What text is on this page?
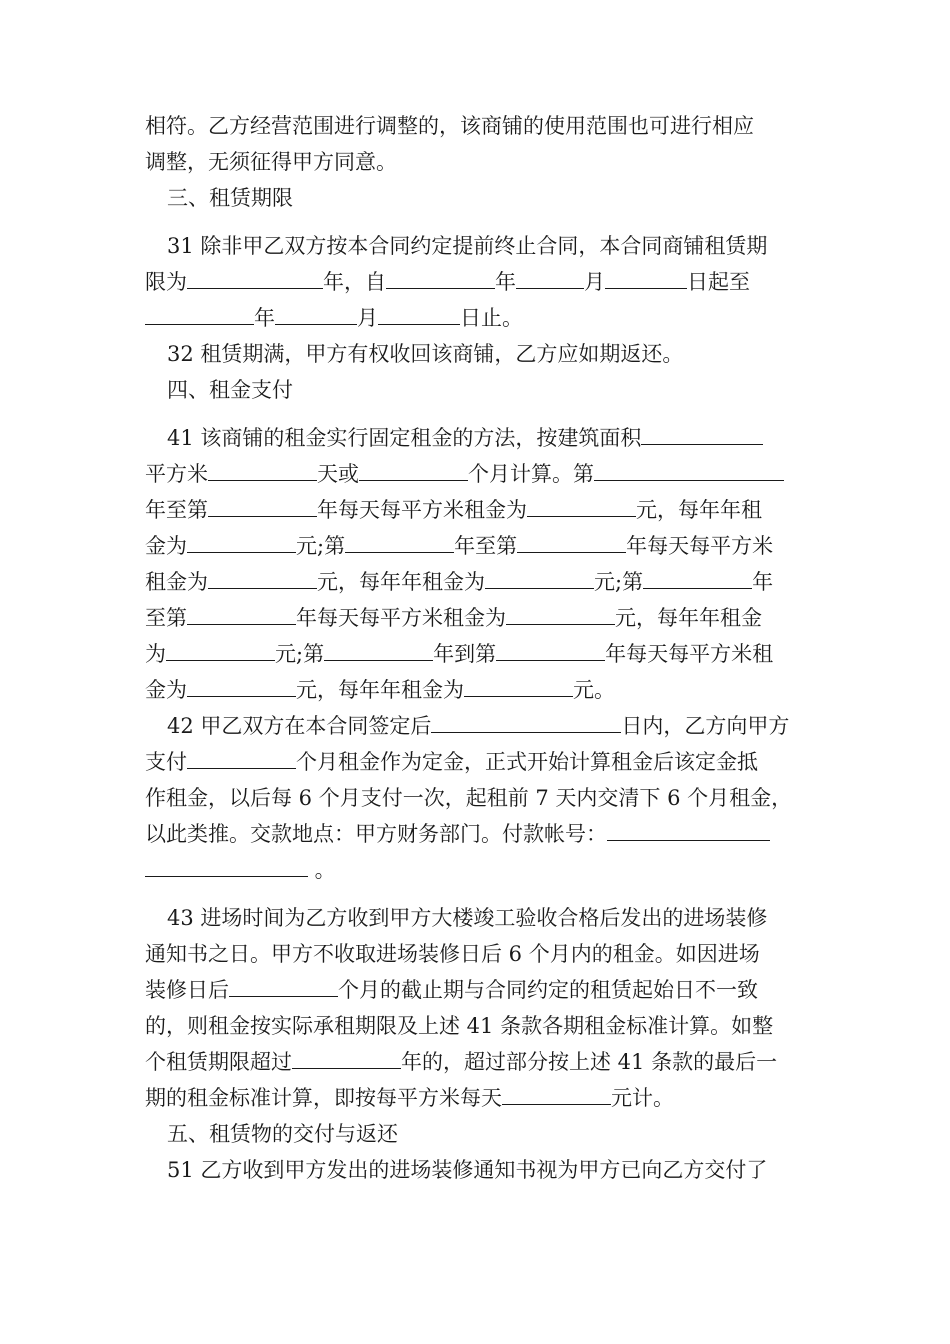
相符。乙方经营范围进行调整的，该商铺的使用范围也可进行相应
调整，无须征得甲方同意。
三、租赁期限
31 除非甲乙双方按本合同约定提前终止合同，本合同商铺租赁期
限为	年，自	年	月	日起至
年	月	日止。
32 租赁期满，甲方有权收回该商铺，乙方应如期返还。
四、租金支付
41 该商铺的租金实行固定租金的方法，按建筑面积
平方米	天或	个月计算。第
年至第	年每天每平方米租金为	元，每年年租
金为	元;第	年至第	年每天每平方米
租金为	元，每年年租金为	元;第	年
至第	年每天每平方米租金为	元，每年年租金
为	元;第	年到第	年每天每平方米租
金为	元，每年年租金为	元。
42 甲乙双方在本合同签定后	日内，乙方向甲方
支付	个月租金作为定金，正式开始计算租金后该定金抵
作租金，以后每 6 个月支付一次，起租前 7 天内交清下 6 个月租金，
以此类推。交款地点：甲方财务部门。付款帐号：
。
43 进场时间为乙方收到甲方大楼竣工验收合格后发出的进场装修
通知书之日。甲方不收取进场装修日后 6 个月内的租金。如因进场
装修日后	个月的截止期与合同约定的租赁起始日不一致
的，则租金按实际承租期限及上述 41 条款各期租金标准计算。如整
个租赁期限超过	年的，超过部分按上述 41 条款的最后一
期的租金标准计算，即按每平方米每天	元计。
五、租赁物的交付与返还
51 乙方收到甲方发出的进场装修通知书视为甲方已向乙方交付了
